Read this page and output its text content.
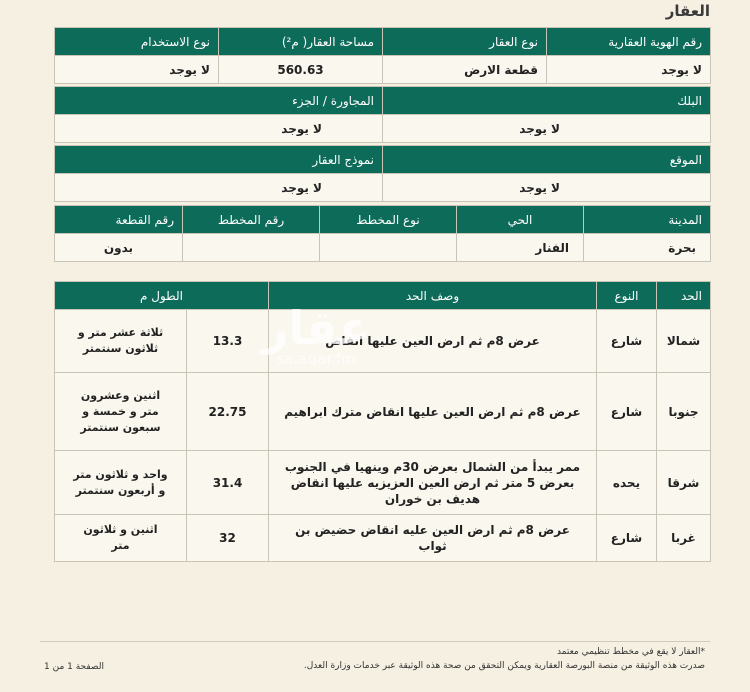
العقار
رقم الهوية العقارية	نوع العقار	مساحة العقار( م²)	نوع الاستخدام
لا يوجد	قطعة الارض	560.63	لا يوجد
البلك	المجاورة / الجزء
لا يوجد	لا يوجد
الموقع	نموذج العقار
لا يوجد	لا يوجد
المدينة	الحي	نوع المخطط	رقم المخطط	رقم القطعة
بحرة	الفنار			بدون
الحد	النوع	وصف الحد	الطول م	
شمالا	شارع	عرض 8م ثم ارض العين عليها انقاض	13.3	ثلاثة عشر متر و ثلاثون سنتمتر
جنوبا	شارع	عرض 8م ثم ارض العين عليها انقاض مترك ابراهيم	22.75	اثنين وعشرون متر و خمسة و سبعون سنتمتر
شرقا	يحده	ممر يبدأ من الشمال بعرض 30م وينهيا في الجنوب بعرض 5 متر ثم ارض العين العزيزيه عليها انقاض هديف بن خوران	31.4	واحد و ثلاثون متر و أربعون سنتمتر
غربا	شارع	عرض 8م ثم ارض العين عليه انقاض حضيض بن ثواب	32	اثنين و ثلاثون متر
عقار
sa.aqar.fm
*العقار لا يقع في مخطط تنظيمي معتمد
صدرت هذه الوثيقة من منصة البورصة العقارية ويمكن التحقق من صحة هذه الوثيقة عبر خدمات وزارة العدل.
الصفحة 1 من 1
